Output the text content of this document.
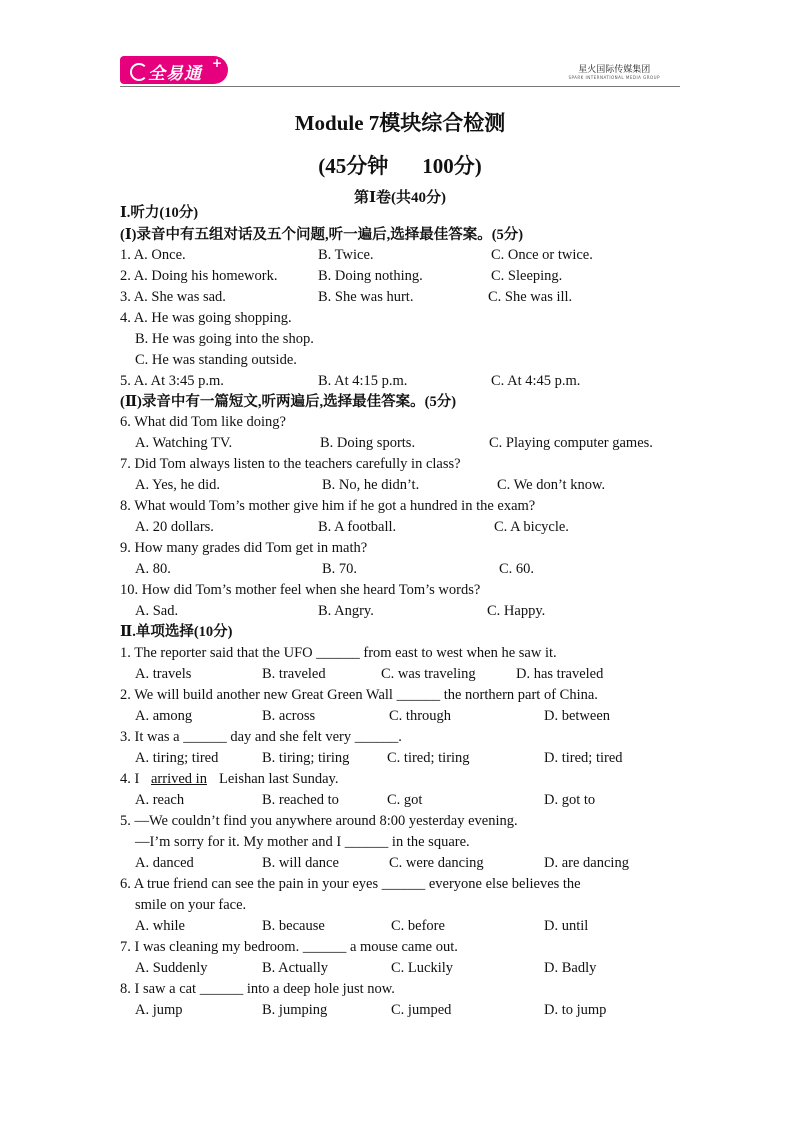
全易通
+	星火国际传媒集团
SPARK INTERNATIONAL MEDIA GROUP
Module 7模块综合检测
(45分钟 100分)
第Ⅰ卷(共40分)
Ⅰ.听力(10分)
(Ⅰ)录音中有五组对话及五个问题,听一遍后,选择最佳答案。(5分)
1. A. Once.	B. Twice.	C. Once or twice.
2. A. Doing his homework.	B. Doing nothing.	C. Sleeping.
3. A. She was sad.	B. She was hurt.	C. She was ill.
4. A. He was going shopping.
B. He was going into the shop.
C. He was standing outside.
5. A. At 3:45 p.m.	B. At 4:15 p.m.	C. At 4:45 p.m.
(Ⅱ)录音中有一篇短文,听两遍后,选择最佳答案。(5分)
6. What did Tom like doing?
A. Watching TV.	B. Doing sports.	C. Playing computer games.
7. Did Tom always listen to the teachers carefully in class?
A. Yes, he did.	B. No, he didn’t.	C. We don’t know.
8. What would Tom’s mother give him if he got a hundred in the exam?
A. 20 dollars.	B. A football.	C. A bicycle.
9. How many grades did Tom get in math?
A. 80.	B. 70.	C. 60.
10. How did Tom’s mother feel when she heard Tom’s words?
A. Sad.	B. Angry.	C. Happy.
Ⅱ.单项选择(10分)
1. The reporter said that the UFO ______ from east to west when he saw it.
A. travels	B. traveled	C. was traveling	D. has traveled
2. We will build another new Great Green Wall ______ the northern part of China.
A. among	B. across	C. through	D. between
3. It was a ______ day and she felt very ______.
A. tiring; tired	B. tiring; tiring	C. tired; tiring	D. tired; tired
4. I arrived in Leishan last Sunday.
A. reach	B. reached to	C. got	D. got to
5. —We couldn’t find you anywhere around 8:00 yesterday evening.
—I’m sorry for it. My mother and I ______ in the square.
A. danced	B. will dance	C. were dancing	D. are dancing
6. A true friend can see the pain in your eyes ______ everyone else believes the
smile on your face.
A. while	B. because	C. before	D. until
7. I was cleaning my bedroom. ______ a mouse came out.
A. Suddenly	B. Actually	C. Luckily	D. Badly
8. I saw a cat ______ into a deep hole just now.
A. jump	B. jumping	C. jumped	D. to jump
